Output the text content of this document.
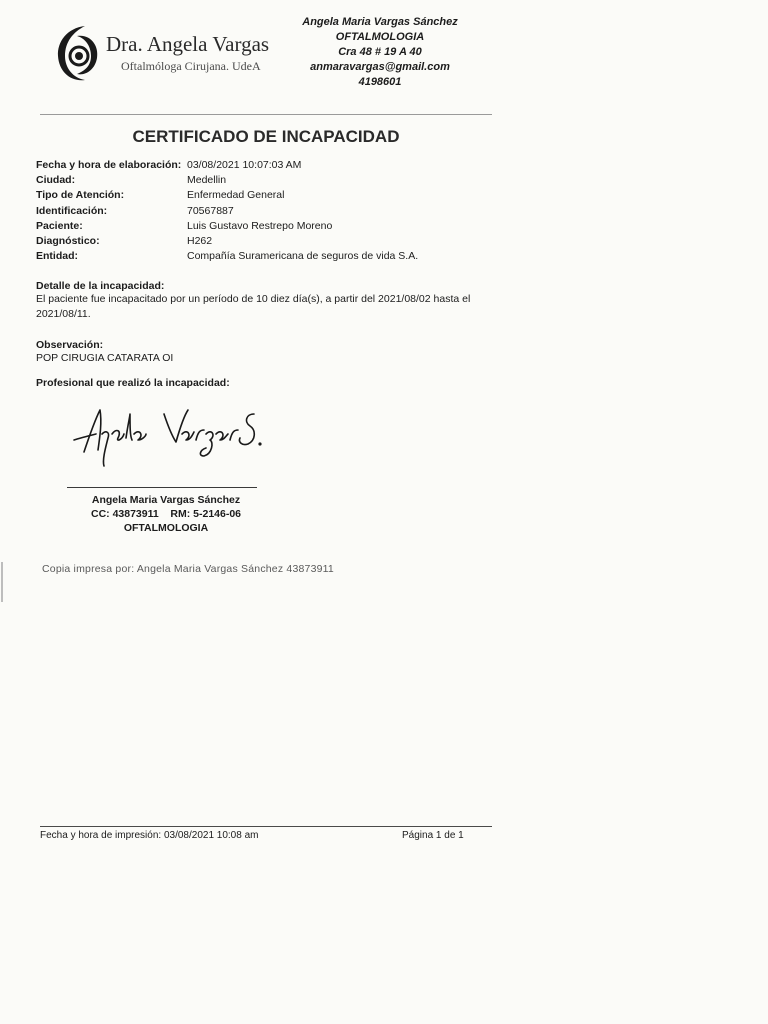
Dra. Angela Vargas
Oftalmóloga Cirujana. UdeA
Angela Maria Vargas Sánchez
OFTALMOLOGIA
Cra 48 # 19 A 40
anmaravargas@gmail.com
4198601
CERTIFICADO DE INCAPACIDAD
Fecha y hora de elaboración: 03/08/2021 10:07:03 AM
Ciudad:	Medellin
Tipo de Atención:	Enfermedad General
Identificación:	70567887
Paciente:	Luis Gustavo Restrepo Moreno
Diagnóstico:	H262
Entidad:	Compañía Suramericana de seguros de vida S.A.
Detalle de la incapacidad:
El paciente fue incapacitado por un período de 10 diez día(s), a partir del 2021/08/02 hasta el 2021/08/11.
Observación:
POP CIRUGIA CATARATA OI
Profesional que realizó la incapacidad:
Angela Maria Vargas Sánchez
CC: 43873911 RM: 5-2146-06
OFTALMOLOGIA
Copia impresa por: Angela Maria Vargas Sánchez 43873911
Fecha y hora de impresión: 03/08/2021 10:08 am	Página 1 de 1
